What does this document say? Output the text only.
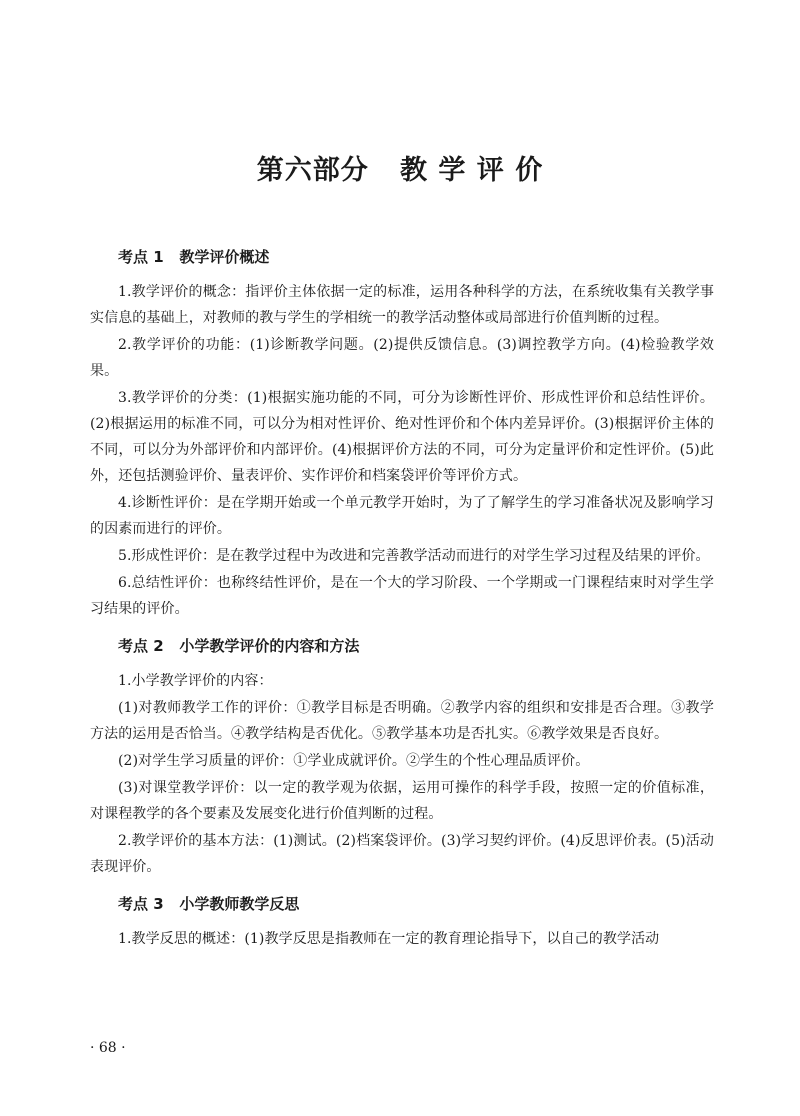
第六部分   教 学 评 价
考点 1   教学评价概述

1.教学评价的概念：指评价主体依据一定的标准，运用各种科学的方法，在系统收集有关教学事实信息的基础上，对教师的教与学生的学相统一的教学活动整体或局部进行价值判断的过程。

2.教学评价的功能：(1)诊断教学问题。(2)提供反馈信息。(3)调控教学方向。(4)检验教学效果。

3.教学评价的分类：(1)根据实施功能的不同，可分为诊断性评价、形成性评价和总结性评价。(2)根据运用的标准不同，可以分为相对性评价、绝对性评价和个体内差异评价。(3)根据评价主体的不同，可以分为外部评价和内部评价。(4)根据评价方法的不同，可分为定量评价和定性评价。(5)此外，还包括测验评价、量表评价、实作评价和档案袋评价等评价方式。

4.诊断性评价：是在学期开始或一个单元教学开始时，为了了解学生的学习准备状况及影响学习的因素而进行的评价。

5.形成性评价：是在教学过程中为改进和完善教学活动而进行的对学生学习过程及结果的评价。

6.总结性评价：也称终结性评价，是在一个大的学习阶段、一个学期或一门课程结束时对学生学习结果的评价。

考点 2   小学教学评价的内容和方法

1.小学教学评价的内容：

(1)对教师教学工作的评价：①教学目标是否明确。②教学内容的组织和安排是否合理。③教学方法的运用是否恰当。④教学结构是否优化。⑤教学基本功是否扎实。⑥教学效果是否良好。

(2)对学生学习质量的评价：①学业成就评价。②学生的个性心理品质评价。

(3)对课堂教学评价：以一定的教学观为依据，运用可操作的科学手段，按照一定的价值标准，对课程教学的各个要素及发展变化进行价值判断的过程。

2.教学评价的基本方法：(1)测试。(2)档案袋评价。(3)学习契约评价。(4)反思评价表。(5)活动表现评价。

考点 3   小学教师教学反思

1.教学反思的概述：(1)教学反思是指教师在一定的教育理论指导下，以自己的教学活动

· 68 ·
